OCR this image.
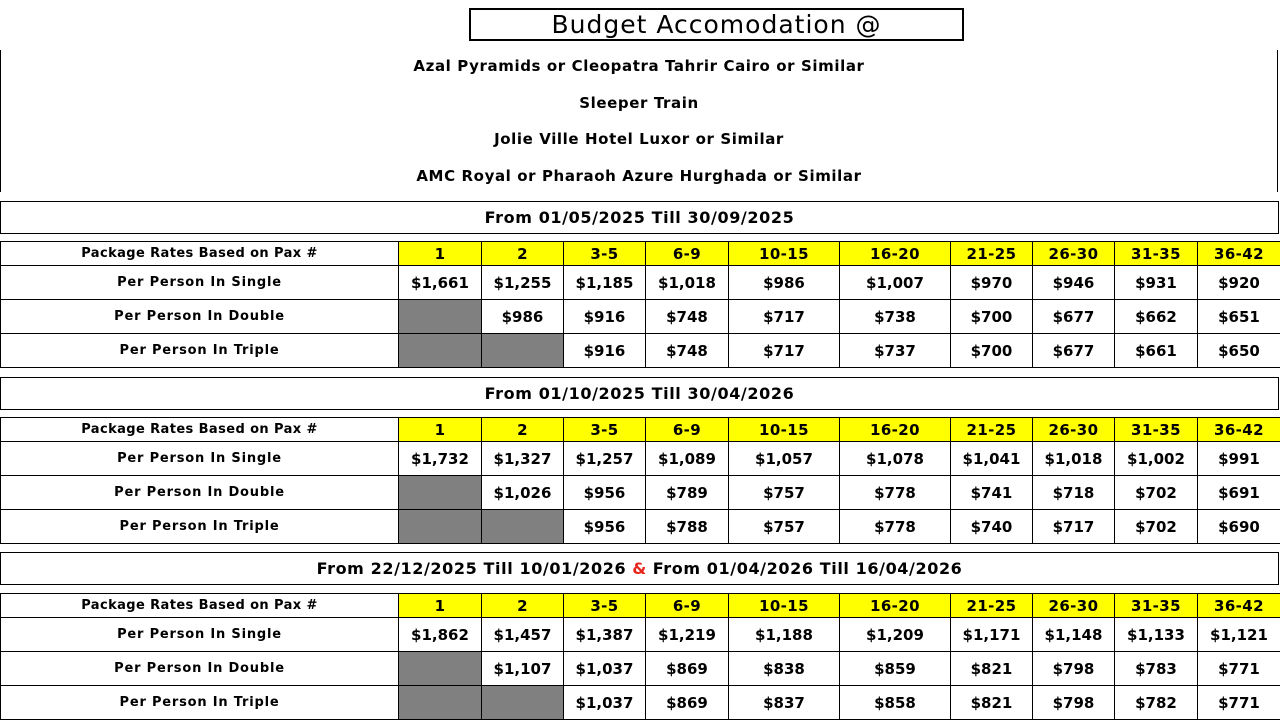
Budget Accomodation @
Azal Pyramids or Cleopatra Tahrir Cairo or Similar
Sleeper Train
Jolie Ville Hotel Luxor or Similar
AMC Royal or Pharaoh Azure Hurghada or Similar
From 01/05/2025 Till 30/09/2025
Package Rates Based on Pax #	1	2	3-5	6-9	10-15	16-20	21-25	26-30	31-35	36-42
Per Person In Single	$1,661	$1,255	$1,185	$1,018	$986	$1,007	$970	$946	$931	$920
Per Person In Double		$986	$916	$748	$717	$738	$700	$677	$662	$651
Per Person In Triple			$916	$748	$717	$737	$700	$677	$661	$650
From 01/10/2025 Till 30/04/2026
Package Rates Based on Pax #	1	2	3-5	6-9	10-15	16-20	21-25	26-30	31-35	36-42
Per Person In Single	$1,732	$1,327	$1,257	$1,089	$1,057	$1,078	$1,041	$1,018	$1,002	$991
Per Person In Double		$1,026	$956	$789	$757	$778	$741	$718	$702	$691
Per Person In Triple			$956	$788	$757	$778	$740	$717	$702	$690
From 22/12/2025 Till 10/01/2026 & From 01/04/2026 Till 16/04/2026
Package Rates Based on Pax #	1	2	3-5	6-9	10-15	16-20	21-25	26-30	31-35	36-42
Per Person In Single	$1,862	$1,457	$1,387	$1,219	$1,188	$1,209	$1,171	$1,148	$1,133	$1,121
Per Person In Double		$1,107	$1,037	$869	$838	$859	$821	$798	$783	$771
Per Person In Triple			$1,037	$869	$837	$858	$821	$798	$782	$771
